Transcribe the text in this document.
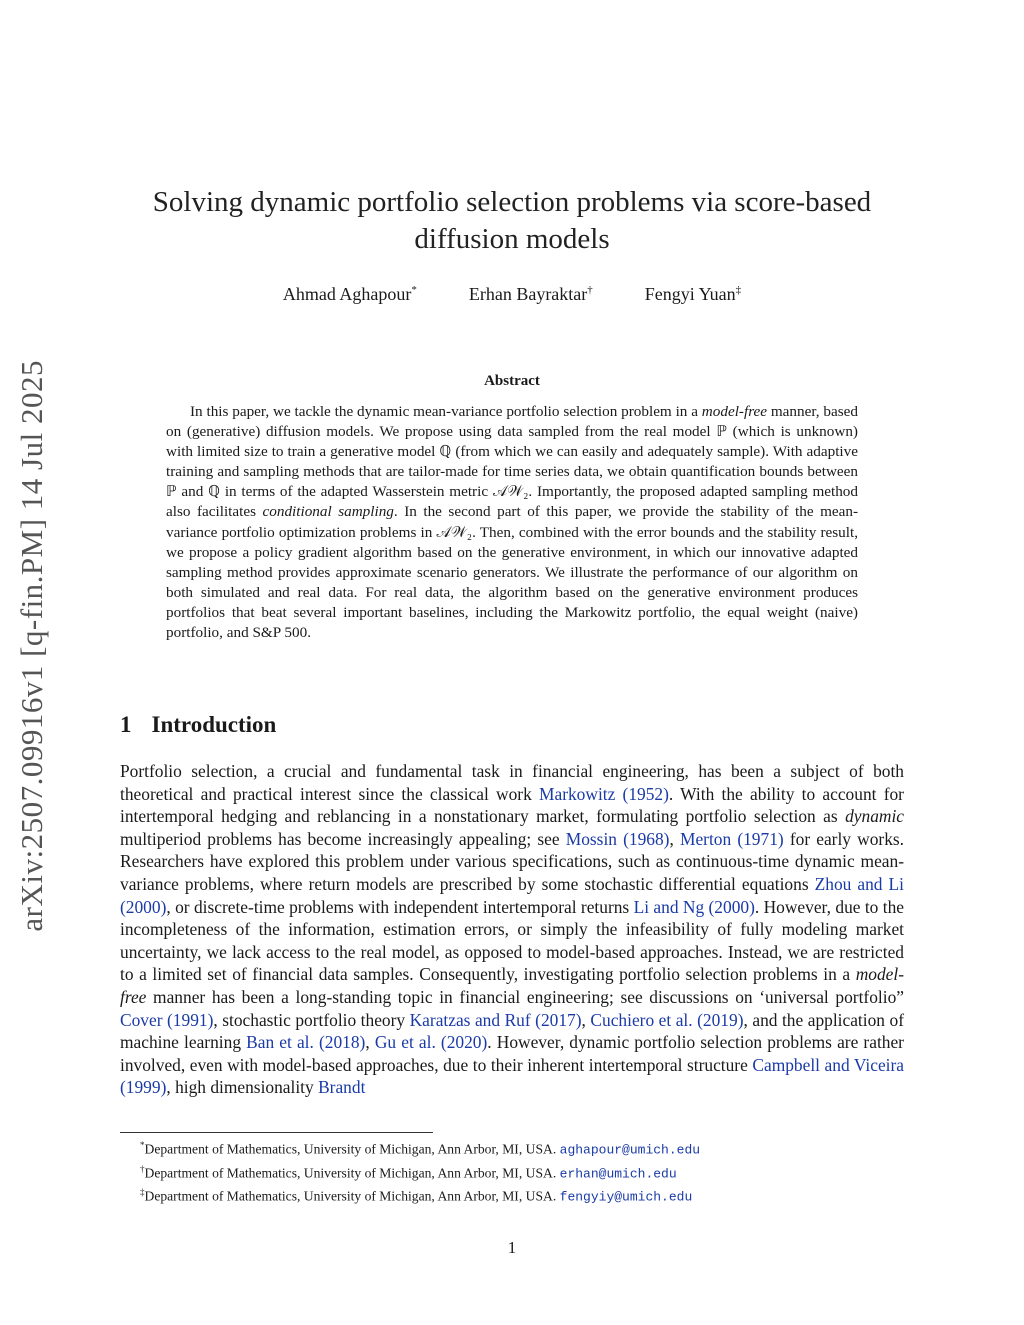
arXiv:2507.09916v1 [q-fin.PM] 14 Jul 2025
Solving dynamic portfolio selection problems via score-based diffusion models
Ahmad Aghapour*	Erhan Bayraktar†	Fengyi Yuan‡
Abstract
In this paper, we tackle the dynamic mean-variance portfolio selection problem in a model-free manner, based on (generative) diffusion models. We propose using data sampled from the real model ℙ (which is unknown) with limited size to train a generative model ℚ (from which we can easily and adequately sample). With adaptive training and sampling methods that are tailor-made for time series data, we obtain quantification bounds between ℙ and ℚ in terms of the adapted Wasserstein metric 𝒜𝒲₂. Importantly, the proposed adapted sampling method also facilitates conditional sampling. In the second part of this paper, we provide the stability of the mean-variance portfolio optimization problems in 𝒜𝒲₂. Then, combined with the error bounds and the stability result, we propose a policy gradient algorithm based on the generative environment, in which our innovative adapted sampling method provides approximate scenario generators. We illustrate the performance of our algorithm on both simulated and real data. For real data, the algorithm based on the generative environment produces portfolios that beat several important baselines, including the Markowitz portfolio, the equal weight (naive) portfolio, and S&P 500.
1 Introduction
Portfolio selection, a crucial and fundamental task in financial engineering, has been a subject of both theoretical and practical interest since the classical work Markowitz (1952). With the ability to account for intertemporal hedging and reblancing in a nonstationary market, formulating portfolio selection as dynamic multiperiod problems has become increasingly appealing; see Mossin (1968), Merton (1971) for early works. Researchers have explored this problem under various specifications, such as continuous-time dynamic mean-variance problems, where return models are prescribed by some stochastic differential equations Zhou and Li (2000), or discrete-time problems with independent intertemporal returns Li and Ng (2000). However, due to the incompleteness of the information, estimation errors, or simply the infeasibility of fully modeling market uncertainty, we lack access to the real model, as opposed to model-based approaches. Instead, we are restricted to a limited set of financial data samples. Consequently, investigating portfolio selection problems in a model-free manner has been a long-standing topic in financial engineering; see discussions on ‘universal portfolio” Cover (1991), stochastic portfolio theory Karatzas and Ruf (2017), Cuchiero et al. (2019), and the application of machine learning Ban et al. (2018), Gu et al. (2020). However, dynamic portfolio selection problems are rather involved, even with model-based approaches, due to their inherent intertemporal structure Campbell and Viceira (1999), high dimensionality Brandt
*Department of Mathematics, University of Michigan, Ann Arbor, MI, USA. aghapour@umich.edu
†Department of Mathematics, University of Michigan, Ann Arbor, MI, USA. erhan@umich.edu
‡Department of Mathematics, University of Michigan, Ann Arbor, MI, USA. fengyiy@umich.edu
1
